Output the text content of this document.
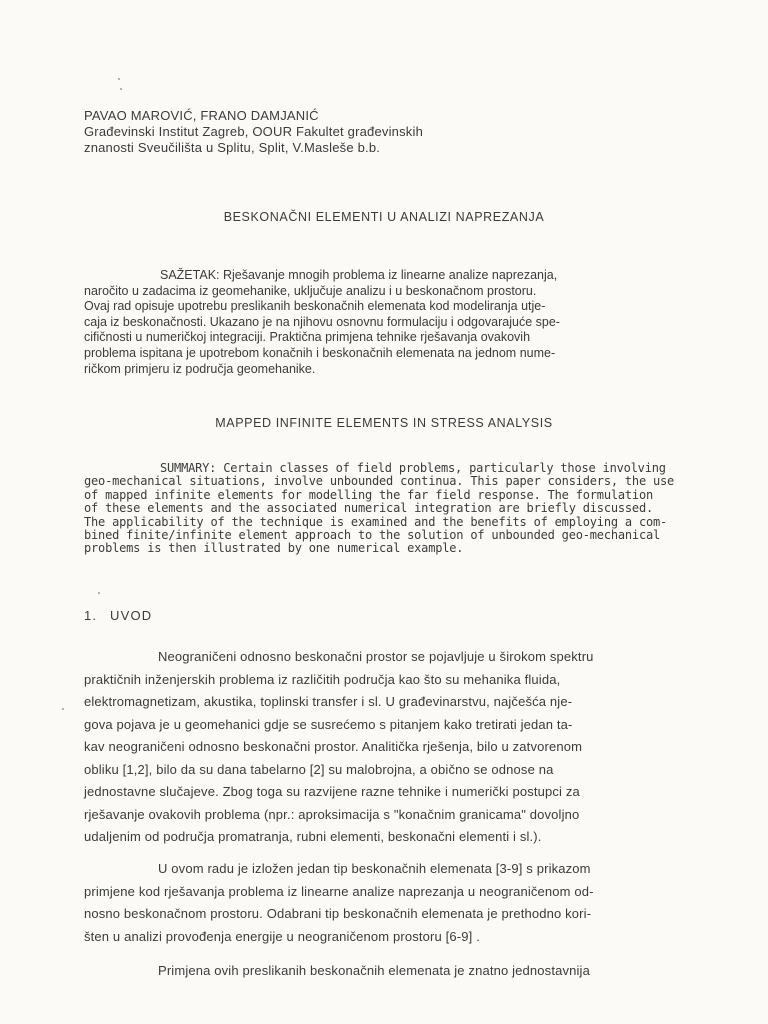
PAVAO MAROVIĆ, FRANO DAMJANIĆ
Građevinski Institut Zagreb, OOUR Fakultet građevinskih
znanosti Sveučilišta u Splitu, Split, V.Masleše b.b.
BESKONAČNI ELEMENTI U ANALIZI NAPREZANJA
SAŽETAK: Rješavanje mnogih problema iz linearne analize naprezanja,
naročito u zadacima iz geomehanike, uključuje analizu i u beskonačnom prostoru.
Ovaj rad opisuje upotrebu preslikanih beskonačnih elemenata kod modeliranja utje-
caja iz beskonačnosti. Ukazano je na njihovu osnovnu formulaciju i odgovarajuće spe-
cifičnosti u numeričkoj integraciji. Praktična primjena tehnike rješavanja ovakovih
problema ispitana je upotrebom konačnih i beskonačnih elemenata na jednom nume-
ričkom primjeru iz područja geomehanike.
MAPPED INFINITE ELEMENTS IN STRESS ANALYSIS
SUMMARY: Certain classes of field problems, particularly those involving
geo-mechanical situations, involve unbounded continua. This paper considers, the use
of mapped infinite elements for modelling the far field response. The formulation
of these elements and the associated numerical integration are briefly discussed.
The applicability of the technique is examined and the benefits of employing a com-
bined finite/infinite element approach to the solution of unbounded geo-mechanical
problems is then illustrated by one numerical example.
1. UVOD
Neograničeni odnosno beskonačni prostor se pojavljuje u širokom spektru
praktičnih inženjerskih problema iz različitih područja kao što su mehanika fluida,
elektromagnetizam, akustika, toplinski transfer i sl. U građevinarstvu, najčešća nje-
gova pojava je u geomehanici gdje se susrećemo s pitanjem kako tretirati jedan ta-
kav neograničeni odnosno beskonačni prostor. Analitička rješenja, bilo u zatvorenom
obliku [1,2], bilo da su dana tabelarno [2] su malobrojna, a obično se odnose na
jednostavne slučajeve. Zbog toga su razvijene razne tehnike i numerički postupci za
rješavanje ovakovih problema (npr.: aproksimacija s "konačnim granicama" dovoljno
udaljenim od područja promatranja, rubni elementi, beskonačni elementi i sl.).
U ovom radu je izložen jedan tip beskonačnih elemenata [3-9] s prikazom
primjene kod rješavanja problema iz linearne analize naprezanja u neograničenom od-
nosno beskonačnom prostoru. Odabrani tip beskonačnih elemenata je prethodno kori-
šten u analizi provođenja energije u neograničenom prostoru [6-9] .
Primjena ovih preslikanih beskonačnih elemenata je znatno jednostavnija
